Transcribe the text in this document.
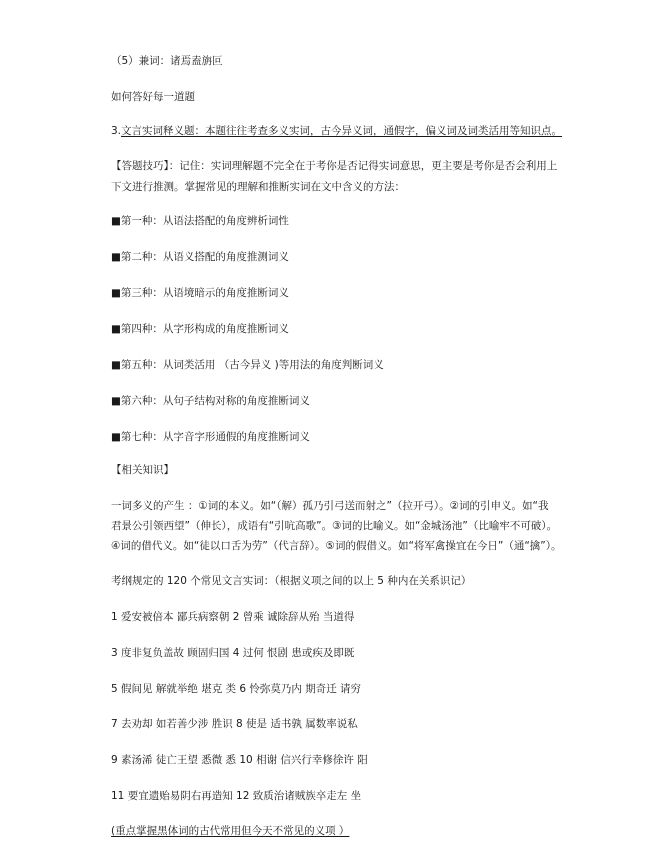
（5）兼词：诸焉盍旃叵
如何答好每一道题
3.文言实词释义题：本题往往考查多义实词，古今异义词，通假字，偏义词及词类活用等知识点。
【答题技巧】：记住：实词理解题不完全在于考你是否记得实词意思，更主要是考你是否会利用上
下文进行推测。掌握常见的理解和推断实词在文中含义的方法：
■第一种：从语法搭配的角度辨析词性
■第二种：从语义搭配的角度推测词义
■第三种：从语境暗示的角度推断词义
■第四种：从字形构成的角度推断词义
■第五种：从词类活用 （古今异义 )等用法的角度判断词义
■第六种：从句子结构对称的角度推断词义
■第七种：从字音字形通假的角度推断词义
【相关知识】
一词多义的产生 ：①词的本义。如“（解）孤乃引弓送而射之”（拉开弓）。②词的引申义。如“我
君景公引领西望”（伸长），成语有“引吭高歌”。③词的比喻义。如“金城汤池”（比喻牢不可破）。
④词的借代义。如“徒以口舌为劳”（代言辞）。⑤词的假借义。如“将军禽操宜在今日”（通“擒”）。
考纲规定的 120 个常见文言实词：（根据义项之间的以上 5 种内在关系识记）
1 爱安被倍本 鄙兵病察朝 2 曾乘 诚除辞从殆 当道得
3 度非复负盖故 顾固归国 4 过何 恨剧 患或疾及即既
5 假间见 解就举绝 堪克 类 6 怜弥莫乃内 期奇迁 请穷
7 去劝却 如若善少涉 胜识 8 使是 适书孰 属数率说私
9 素汤浠 徒亡王望 悉微 悉 10 相谢 信兴行幸修徐许 阳
11 要宜遗贻易阴右再造知 12 致质治诸贼族卒走左 坐
(重点掌握黑体词的古代常用但今天不常见的义项 ）
